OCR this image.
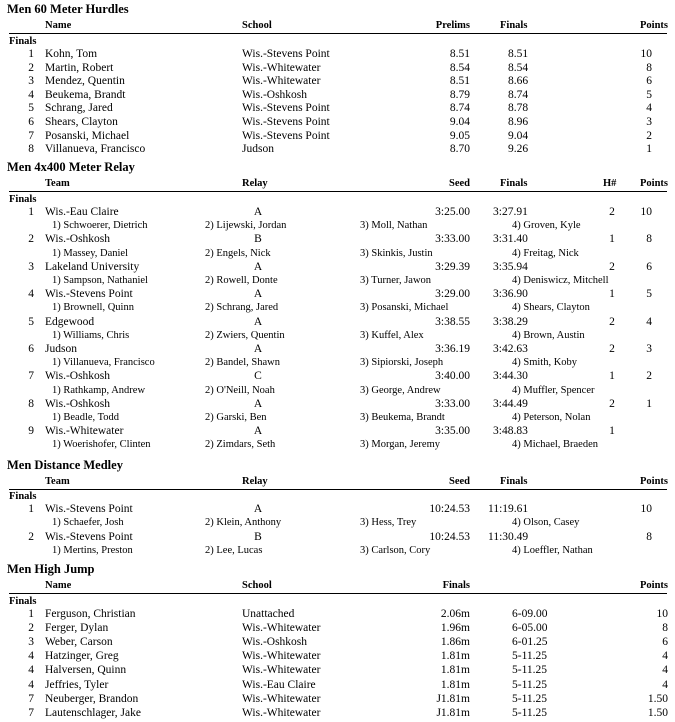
Men 60 Meter Hurdles
Name	School	Prelims	Finals	Points
Finals
1 Kohn, Tom	Wis.-Stevens Point	8.51	8.51	10
2 Martin, Robert	Wis.-Whitewater	8.54	8.54	8
3 Mendez, Quentin	Wis.-Whitewater	8.51	8.66	6
4 Beukema, Brandt	Wis.-Oshkosh	8.79	8.74	5
5 Schrang, Jared	Wis.-Stevens Point	8.74	8.78	4
6 Shears, Clayton	Wis.-Stevens Point	9.04	8.96	3
7 Posanski, Michael	Wis.-Stevens Point	9.05	9.04	2
8 Villanueva, Francisco	Judson	8.70	9.26	1
Men 4x400 Meter Relay
Team	Relay	Seed	Finals	H#	Points
Finals
1 Wis.-Eau Claire	A	3:25.00 3:27.91	2	10
1) Schwoerer, Dietrich	2) Lijewski, Jordan	3) Moll, Nathan	4) Groven, Kyle
2 Wis.-Oshkosh	B	3:33.00 3:31.40	1	8
1) Massey, Daniel	2) Engels, Nick	3) Skinkis, Justin	4) Freitag, Nick
3 Lakeland University	A	3:29.39 3:35.94	2	6
1) Sampson, Nathaniel	2) Rowell, Donte	3) Turner, Jawon	4) Deniswicz, Mitchell
4 Wis.-Stevens Point	A	3:29.00 3:36.90	1	5
1) Brownell, Quinn	2) Schrang, Jared	3) Posanski, Michael	4) Shears, Clayton
5 Edgewood	A	3:38.55 3:38.29	2	4
1) Williams, Chris	2) Zwiers, Quentin	3) Kuffel, Alex	4) Brown, Austin
6 Judson	A	3:36.19 3:42.63	2	3
1) Villanueva, Francisco	2) Bandel, Shawn	3) Sipiorski, Joseph	4) Smith, Koby
7 Wis.-Oshkosh	C	3:40.00 3:44.30	1	2
1) Rathkamp, Andrew	2) O'Neill, Noah	3) George, Andrew	4) Muffler, Spencer
8 Wis.-Oshkosh	A	3:33.00 3:44.49	2	1
1) Beadle, Todd	2) Garski, Ben	3) Beukema, Brandt	4) Peterson, Nolan
9 Wis.-Whitewater	A	3:35.00 3:48.83	1
1) Woerishofer, Clinten	2) Zimdars, Seth	3) Morgan, Jeremy	4) Michael, Braeden
Men Distance Medley
Team	Relay	Seed	Finals	Points
Finals
1 Wis.-Stevens Point	A	10:24.53 11:19.61	10
1) Schaefer, Josh	2) Klein, Anthony	3) Hess, Trey	4) Olson, Casey
2 Wis.-Stevens Point	B	10:24.53 11:30.49	8
1) Mertins, Preston	2) Lee, Lucas	3) Carlson, Cory	4) Loeffler, Nathan
Men High Jump
Name	School	Finals	Points
Finals
1 Ferguson, Christian	Unattached	2.06m	6-09.00	10
2 Ferger, Dylan	Wis.-Whitewater	1.96m	6-05.00	8
3 Weber, Carson	Wis.-Oshkosh	1.86m	6-01.25	6
4 Hatzinger, Greg	Wis.-Whitewater	1.81m	5-11.25	4
4 Halversen, Quinn	Wis.-Whitewater	1.81m	5-11.25	4
4 Jeffries, Tyler	Wis.-Eau Claire	1.81m	5-11.25	4
7 Neuberger, Brandon	Wis.-Whitewater	J1.81m	5-11.25	1.50
7 Lautenschlager, Jake	Wis.-Whitewater	J1.81m	5-11.25	1.50
